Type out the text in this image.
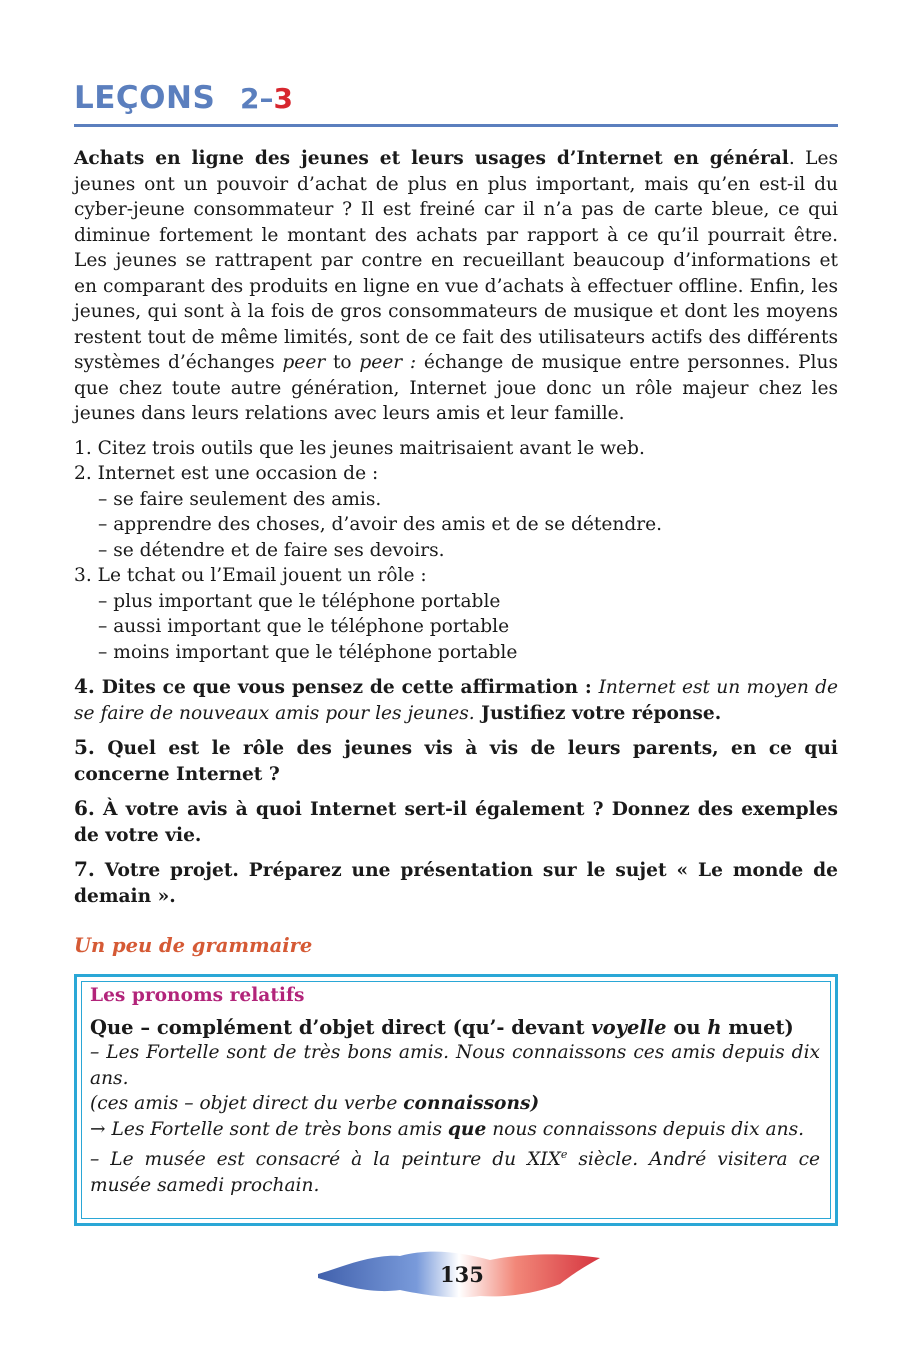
LEÇONS 2–3

Achats en ligne des jeunes et leurs usages d’Internet en général. Les jeunes ont un pouvoir d’achat de plus en plus important, mais qu’en est-il du cyber-jeune consommateur ? Il est freiné car il n’a pas de carte bleue, ce qui diminue fortement le montant des achats par rapport à ce qu’il pourrait être. Les jeunes se rattrapent par contre en recueillant beaucoup d’informations et en comparant des produits en ligne en vue d’achats à effectuer offline. Enfin, les jeunes, qui sont à la fois de gros consommateurs de musique et dont les moyens restent tout de même limités, sont de ce fait des utilisateurs actifs des différents systèmes d’échanges peer to peer : échange de musique entre personnes. Plus que chez toute autre génération, Internet joue donc un rôle majeur chez les jeunes dans leurs relations avec leurs amis et leur famille.

1. Citez trois outils que les jeunes maitrisaient avant le web.
2. Internet est une occasion de :
– se faire seulement des amis.
– apprendre des choses, d’avoir des amis et de se détendre.
– se détendre et de faire ses devoirs.
3. Le tchat ou l’Email jouent un rôle :
– plus important que le téléphone portable
– aussi important que le téléphone portable
– moins important que le téléphone portable

4. Dites ce que vous pensez de cette affirmation : Internet est un moyen de se faire de nouveaux amis pour les jeunes. Justifiez votre réponse.

5. Quel est le rôle des jeunes vis à vis de leurs parents, en ce qui concerne Internet ?

6. À votre avis à quoi Internet sert-il également ? Donnez des exemples de votre vie.

7. Votre projet. Préparez une présentation sur le sujet « Le monde de demain ».

Un peu de grammaire
Les pronoms relatifs
Que – complément d’objet direct (qu’- devant voyelle ou h muet)
– Les Fortelle sont de très bons amis. Nous connaissons ces amis depuis dix ans.
(ces amis – objet direct du verbe connaissons)
→ Les Fortelle sont de très bons amis que nous connaissons depuis dix ans.
– Le musée est consacré à la peinture du XIXe siècle. André visitera ce musée samedi prochain.
135
